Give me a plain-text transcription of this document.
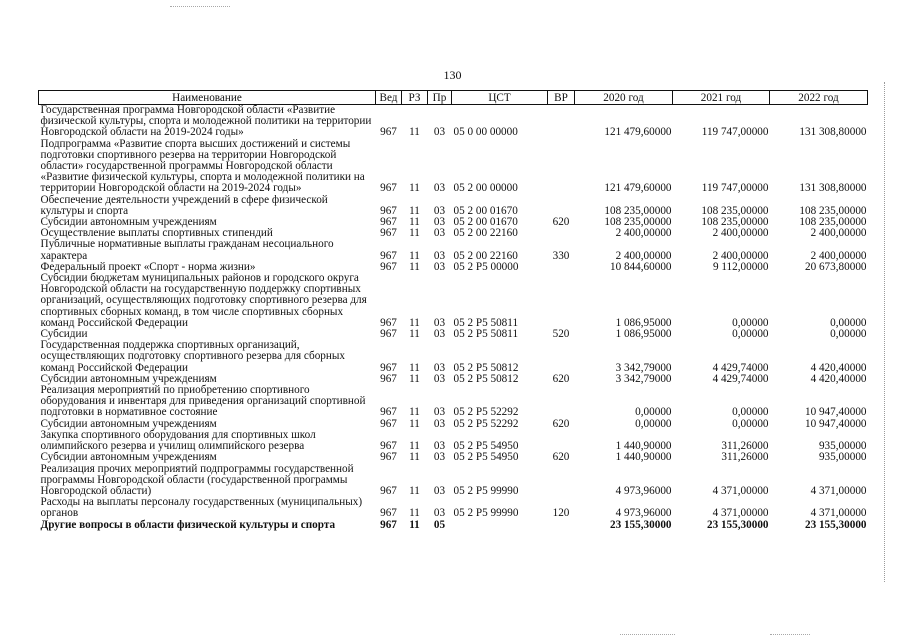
130
Наименование	Вед	РЗ	Пр	ЦСТ	ВР	2020 год	2021 год	2022 год
Государственная программа Новгородской области «Развитие физической культуры, спорта и молодежной политики на территории Новгородской области на 2019-2024 годы»	967	11	03	05 0 00 00000		121 479,60000	119 747,00000	131 308,80000
Подпрограмма «Развитие спорта высших достижений и системы подготовки спортивного резерва на территории Новгородской области» государственной программы Новгородской области «Развитие физической культуры, спорта и молодежной политики на территории Новгородской области на 2019-2024 годы»	967	11	03	05 2 00 00000		121 479,60000	119 747,00000	131 308,80000
Обеспечение деятельности учреждений в сфере физической культуры и спорта	967	11	03	05 2 00 01670		108 235,00000	108 235,00000	108 235,00000
Субсидии автономным учреждениям	967	11	03	05 2 00 01670	620	108 235,00000	108 235,00000	108 235,00000
Осуществление выплаты спортивных стипендий	967	11	03	05 2 00 22160		2 400,00000	2 400,00000	2 400,00000
Публичные нормативные выплаты гражданам несоциального характера	967	11	03	05 2 00 22160	330	2 400,00000	2 400,00000	2 400,00000
Федеральный проект «Спорт - норма жизни»	967	11	03	05 2 P5 00000		10 844,60000	9 112,00000	20 673,80000
Субсидии бюджетам муниципальных районов и городского округа Новгородской области на государственную поддержку спортивных организаций, осуществляющих подготовку спортивного резерва для спортивных сборных команд, в том числе спортивных сборных команд Российской Федерации	967	11	03	05 2 P5 50811		1 086,95000	0,00000	0,00000
Субсидии	967	11	03	05 2 P5 50811	520	1 086,95000	0,00000	0,00000
Государственная поддержка спортивных организаций, осуществляющих подготовку спортивного резерва для сборных команд Российской Федерации	967	11	03	05 2 P5 50812		3 342,79000	4 429,74000	4 420,40000
Субсидии автономным учреждениям	967	11	03	05 2 P5 50812	620	3 342,79000	4 429,74000	4 420,40000
Реализация мероприятий по приобретению спортивного оборудования и инвентаря для приведения организаций спортивной подготовки в нормативное состояние	967	11	03	05 2 P5 52292		0,00000	0,00000	10 947,40000
Субсидии автономным учреждениям	967	11	03	05 2 P5 52292	620	0,00000	0,00000	10 947,40000
Закупка спортивного оборудования для спортивных школ олимпийского резерва и училищ олимпийского резерва	967	11	03	05 2 P5 54950		1 440,90000	311,26000	935,00000
Субсидии автономным учреждениям	967	11	03	05 2 P5 54950	620	1 440,90000	311,26000	935,00000
Реализация прочих мероприятий подпрограммы государственной программы Новгородской области (государственной программы Новгородской области)	967	11	03	05 2 P5 99990		4 973,96000	4 371,00000	4 371,00000
Расходы на выплаты персоналу государственных (муниципальных) органов	967	11	03	05 2 P5 99990	120	4 973,96000	4 371,00000	4 371,00000
Другие вопросы в области физической культуры и спорта	967	11	05			23 155,30000	23 155,30000	23 155,30000
